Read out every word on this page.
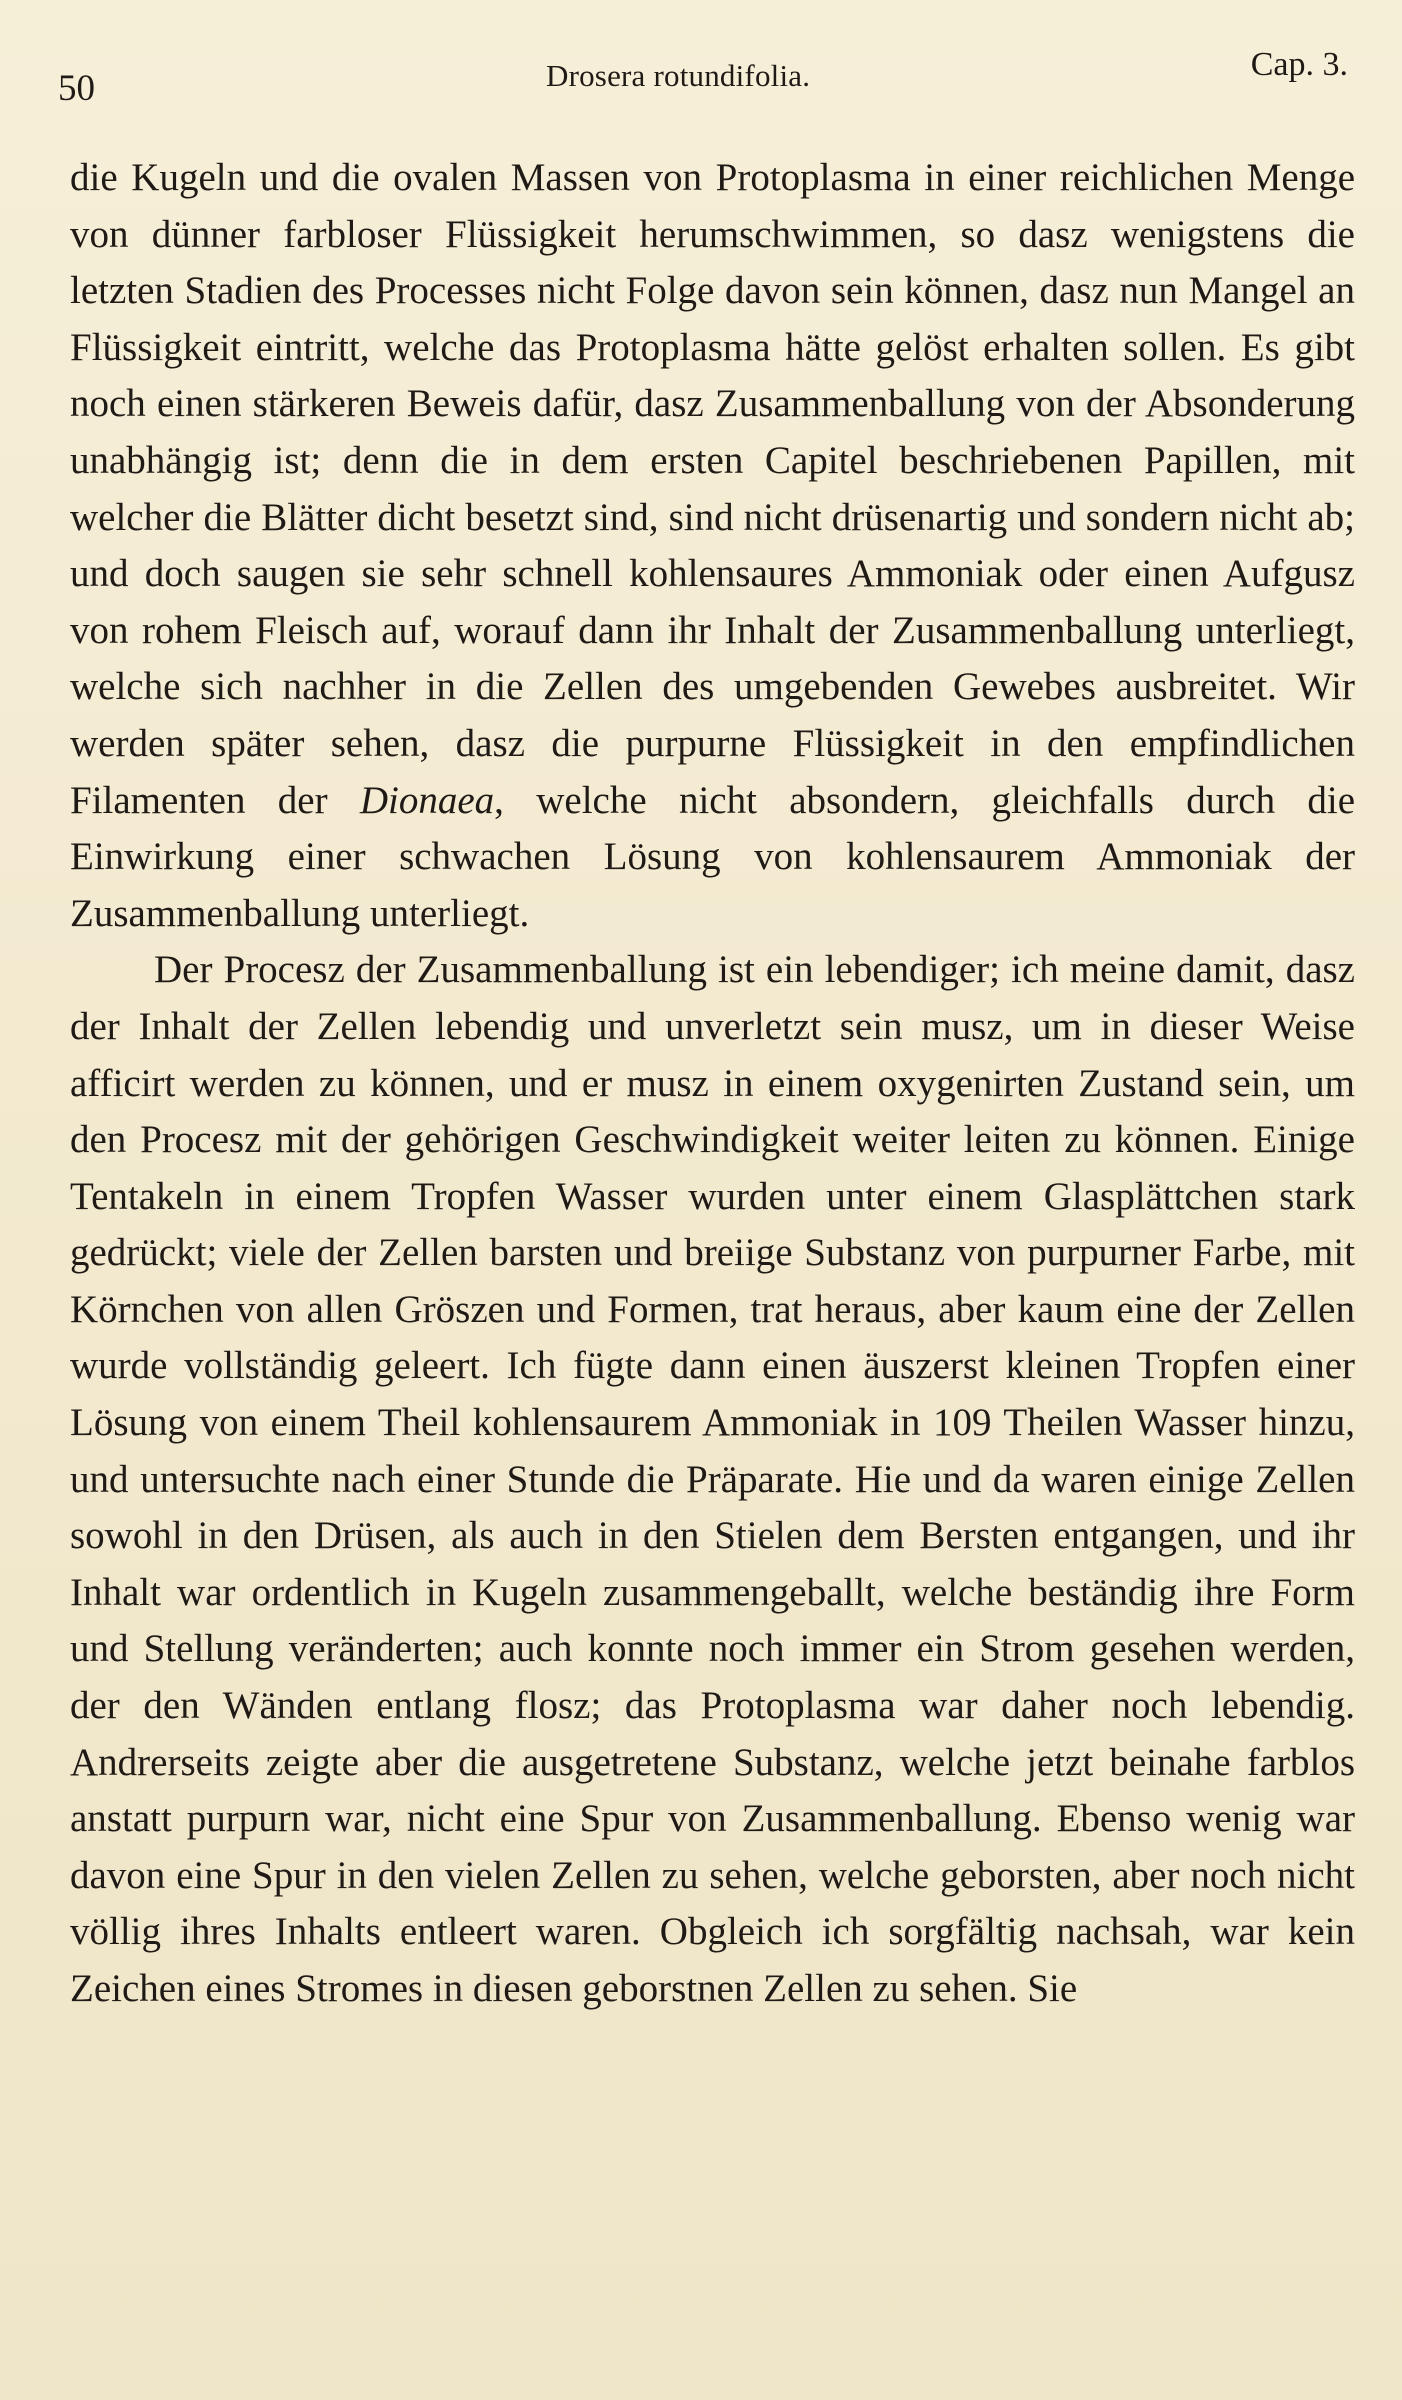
50	Drosera rotundifolia.	Cap. 3.

die Kugeln und die ovalen Massen von Protoplasma in einer reichlichen Menge von dünner farbloser Flüssigkeit herumschwimmen, so dasz wenigstens die letzten Stadien des Processes nicht Folge davon sein können, dasz nun Mangel an Flüssigkeit eintritt, welche das Protoplasma hätte gelöst erhalten sollen. Es gibt noch einen stärkeren Beweis dafür, dasz Zusammenballung von der Absonderung unabhängig ist; denn die in dem ersten Capitel beschriebenen Papillen, mit welcher die Blätter dicht besetzt sind, sind nicht drüsenartig und sondern nicht ab; und doch saugen sie sehr schnell kohlensaures Ammoniak oder einen Aufgusz von rohem Fleisch auf, worauf dann ihr Inhalt der Zusammenballung unterliegt, welche sich nachher in die Zellen des umgebenden Gewebes ausbreitet. Wir werden später sehen, dasz die purpurne Flüssigkeit in den empfindlichen Filamenten der Dionaea, welche nicht absondern, gleichfalls durch die Einwirkung einer schwachen Lösung von kohlensaurem Ammoniak der Zusammenballung unterliegt.

Der Procesz der Zusammenballung ist ein lebendiger; ich meine damit, dasz der Inhalt der Zellen lebendig und unverletzt sein musz, um in dieser Weise afficirt werden zu können, und er musz in einem oxygenirten Zustand sein, um den Procesz mit der gehörigen Geschwindigkeit weiter leiten zu können. Einige Tentakeln in einem Tropfen Wasser wurden unter einem Glasplättchen stark gedrückt; viele der Zellen barsten und breiige Substanz von purpurner Farbe, mit Körnchen von allen Gröszen und Formen, trat heraus, aber kaum eine der Zellen wurde vollständig geleert. Ich fügte dann einen äuszerst kleinen Tropfen einer Lösung von einem Theil kohlensaurem Ammoniak in 109 Theilen Wasser hinzu, und untersuchte nach einer Stunde die Präparate. Hie und da waren einige Zellen sowohl in den Drüsen, als auch in den Stielen dem Bersten entgangen, und ihr Inhalt war ordentlich in Kugeln zusammengeballt, welche beständig ihre Form und Stellung veränderten; auch konnte noch immer ein Strom gesehen werden, der den Wänden entlang flosz; das Protoplasma war daher noch lebendig. Andrerseits zeigte aber die ausgetretene Substanz, welche jetzt beinahe farblos anstatt purpurn war, nicht eine Spur von Zusammenballung. Ebenso wenig war davon eine Spur in den vielen Zellen zu sehen, welche geborsten, aber noch nicht völlig ihres Inhalts entleert waren. Obgleich ich sorgfältig nachsah, war kein Zeichen eines Stromes in diesen geborstnen Zellen zu sehen. Sie
